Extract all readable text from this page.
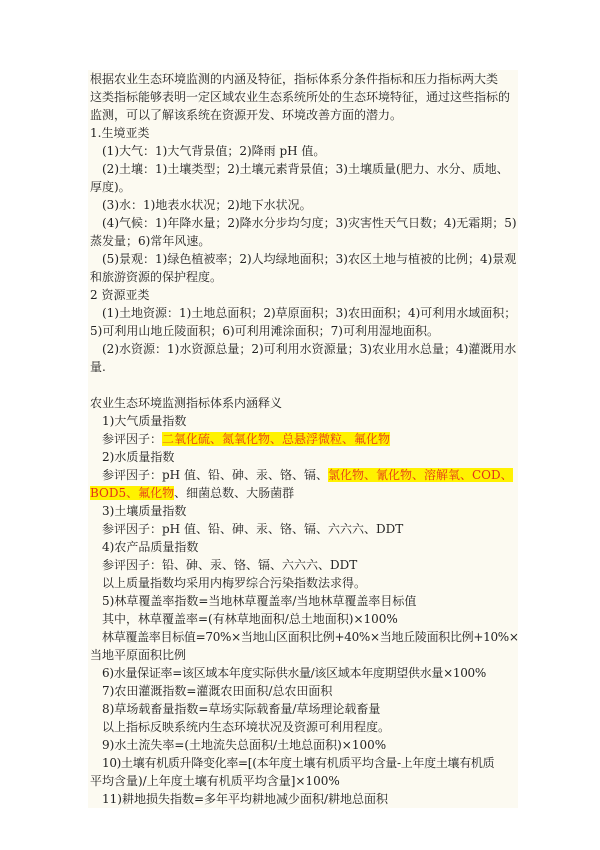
根据农业生态环境监测的内涵及特征，指标体系分条件指标和压力指标两大类
这类指标能够表明一定区域农业生态系统所处的生态环境特征，通过这些指标的
监测，可以了解该系统在资源开发、环境改善方面的潜力。
1.生境亚类
(1)大气：1)大气背景值；2)降雨 pH 值。
(2)土壤：1)土壤类型；2)土壤元素背景值；3)土壤质量(肥力、水分、质地、
厚度)。
(3)水：1)地表水状况；2)地下水状况。
(4)气候：1)年降水量；2)降水分步均匀度；3)灾害性天气日数；4)无霜期；5)
蒸发量；6)常年风速。
(5)景观：1)绿色植被率；2)人均绿地面积；3)农区土地与植被的比例；4)景观
和旅游资源的保护程度。
2 资源亚类
(1)土地资源：1)土地总面积；2)草原面积；3)农田面积；4)可利用水域面积；
5)可利用山地丘陵面积；6)可利用滩涂面积；7)可利用湿地面积。
(2)水资源：1)水资源总量；2)可利用水资源量；3)农业用水总量；4)灌溉用水
量.
农业生态环境监测指标体系内涵释义
1)大气质量指数
参评因子：二氧化硫、氮氧化物、总悬浮微粒、氟化物
2)水质量指数
参评因子：pH 值、铅、砷、汞、铬、镉、氯化物、氰化物、溶解氧、COD、
BOD5、氟化物、细菌总数、大肠菌群
3)土壤质量指数
参评因子：pH 值、铅、砷、汞、铬、镉、六六六、DDT
4)农产品质量指数
参评因子：铅、砷、汞、铬、镉、六六六、DDT
以上质量指数均采用内梅罗综合污染指数法求得。
5)林草覆盖率指数=当地林草覆盖率/当地林草覆盖率目标值
其中，林草覆盖率=(有林草地面积/总土地面积)×100%
林草覆盖率目标值=70%×当地山区面积比例+40%×当地丘陵面积比例+10%×
当地平原面积比例
6)水量保证率=该区域本年度实际供水量/该区域本年度期望供水量×100%
7)农田灌溉指数=灌溉农田面积/总农田面积
8)草场载畜量指数=草场实际载畜量/草场理论载畜量
以上指标反映系统内生态环境状况及资源可利用程度。
9)水土流失率=(土地流失总面积/土地总面积)×100%
10)土壤有机质升降变化率=[(本年度土壤有机质平均含量-上年度土壤有机质
平均含量)/上年度土壤有机质平均含量]×100%
11)耕地损失指数=多年平均耕地减少面积/耕地总面积
